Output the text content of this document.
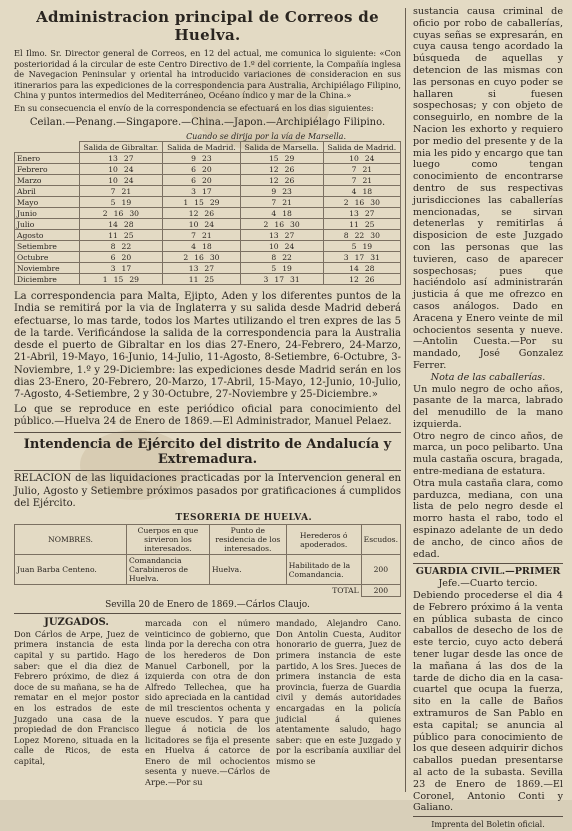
Administracion principal de Correos de Huelva.

El Ilmo. Sr. Director general de Correos, en 12 del actual, me comunica lo siguiente: «Con posterioridad á la circular de este Centro Directivo de 1.º del corriente, la Compañía inglesa de Navegacion Peninsular y oriental ha introducido variaciones de consideracion en sus itinerarios para las expediciones de la correspondencia para Australia, Archipiélago Filipino, China y puntos intermedios del Mediterráneo, Océano índico y mar de la China.»

En su consecuencia el envío de la correspondencia se efectuará en los dias siguientes:

Ceilan.—Penang.—Singapore.—China.—Japon.—Archipiélago Filipino.
Cuando se dirija por la vía de Marsella.
	Salida de Gibraltar.	Salida de Madrid.	Salida de Marsella.	Salida de Madrid.
Enero	13 27	9 23	15 29	10 24
Febrero	10 24	6 20	12 26	7 21
Marzo	10 24	6 20	12 26	7 21
Abril	7 21	3 17	9 23	4 18
Mayo	5 19	1 15 29	7 21	2 16 30
Junio	2 16 30	12 26	4 18	13 27
Julio	14 28	10 24	2 16 30	11 25
Agosto	11 25	7 21	13 27	8 22 30
Setiembre	8 22	4 18	10 24	5 19
Octubre	6 20	2 16 30	8 22	3 17 31
Noviembre	3 17	13 27	5 19	14 28
Diciembre	1 15 29	11 25	3 17 31	12 26

La correspondencia para Malta, Ejipto, Aden y los diferentes puntos de la India se remitirá por la via de Inglaterra y su salida desde Madrid deberá efectuarse, lo mas tarde, todos los Martes utilizando el tren expres de las 5 de la tarde. Verificándose la salida de la correspondencia para la Australia desde el puerto de Gibraltar en los dias 27-Enero, 24-Febrero, 24-Marzo, 21-Abril, 19-Mayo, 16-Junio, 14-Julio, 11-Agosto, 8-Setiembre, 6-Octubre, 3-Noviembre, 1.º y 29-Diciembre: las expediciones desde Madrid serán en los dias 23-Enero, 20-Febrero, 20-Marzo, 17-Abril, 15-Mayo, 12-Junio, 10-Julio, 7-Agosto, 4-Setiembre, 2 y 30-Octubre, 27-Noviembre y 25-Diciembre.»

Lo que se reproduce en este periódico oficial para conocimiento del público.—Huelva 24 de Enero de 1869.—El Administrador, Manuel Pelaez.

Intendencia de Ejército del distrito de Andalucía y Extremadura.

RELACION de las liquidaciones practicadas por la Intervencion general en Julio, Agosto y Setiembre próximos pasados por gratificaciones á cumplidos del Ejército.

	TESORERIA DE HUELVA.			
NOMBRES.	Cuerpos en que sirvieron los interesados.	Punto de residencia de los interesados.	Herederos ó apoderados.	Escudos.
Juan Barba Centeno.	Comandancia Carabineros de Huelva.	Huelva.	Habilitado de la Comandancia.	200
TOTAL				200
Sevilla 20 de Enero de 1869.—Cárlos Claujo.
JUZGADOS.
Don Cárlos de Arpe, Juez de primera instancia de esta capital y su partido. Hago saber: que el dia diez de Febrero próximo, de diez á doce de su mañana, se ha de rematar en el mejor postor en los estrados de este Juzgado una casa de la propiedad de don Francisco Lopez Moreno, situada en la calle de Ricos, de esta capital,
marcada con el número veinticinco de gobierno, que linda por la derecha con otra de los herederos de Don Manuel Carbonell, por la izquierda con otra de don Alfredo Tellechea, que ha sido apreciada en la cantidad de mil trescientos ochenta y nueve escudos. Y para que llegue á noticia de los licitadores se fija el presente en Huelva á catorce de Enero de mil ochocientos sesenta y nueve.—Cárlos de Arpe.—Por su
mandado, Alejandro Cano. Don Antolin Cuesta, Auditor honorario de guerra, Juez de primera instancia de este partido, A los Sres. Jueces de primera instancia de esta provincia, fuerza de Guardia civil y demás autoridades encargadas en la policía judicial á quienes atentamente saludo, hago saber: que en este Juzgado y por la escribanía auxiliar del mismo se

sustancia causa criminal de oficio por robo de caballerías, cuyas señas se expresarán, en cuya causa tengo acordado la búsqueda de aquellas y detencion de las mismas con las personas en cuyo poder se hallaren si fuesen sospechosas; y con objeto de conseguirlo, en nombre de la Nacion les exhorto y requiero por medio del presente y de la mia les pido y encargo que tan luego como tengan conocimiento de encontrarse dentro de sus respectivas jurisdicciones las caballerías mencionadas, se sirvan detenerlas y remitirlas á disposicion de este Juzgado con las personas que las tuvieren, caso de aparecer sospechosas; pues que haciéndolo así administrarán justicia á que me ofrezco en casos análogos. Dado en Aracena y Enero veinte de mil ochocientos sesenta y nueve.—Antolin Cuesta.—Por su mandado, José Gonzalez Ferrer.

Nota de las caballerías.

Un mulo negro de ocho años, pasante de la marca, labrado del menudillo de la mano izquierda.

Otro negro de cinco años, de marca, un poco pelibarto. Una mula castaña oscura, bragada, entre-mediana de estatura.

Otra mula castaña clara, como parduzca, mediana, con una lista de pelo negro desde el morro hasta el rabo, todo el espinazo adelante de un dedo de ancho, de cinco años de edad.

GUARDIA CIVIL.—PRIMER

Jefe.—Cuarto tercio.

Debiendo procederse el dia 4 de Febrero próximo á la venta en pública subasta de cinco caballos de desecho de los de este tercio, cuyo acto deberá tener lugar desde las once de la mañana á las dos de la tarde de dicho dia en la casa-cuartel que ocupa la fuerza, sito en la calle de Baños extramuros de San Pablo en esta capital; se anuncia al público para conocimiento de los que deseen adquirir dichos caballos puedan presentarse al acto de la subasta. Sevilla 23 de Enero de 1869.—El Coronel, Antonio Conti y Galiano.

Imprenta del Boletin oficial.
